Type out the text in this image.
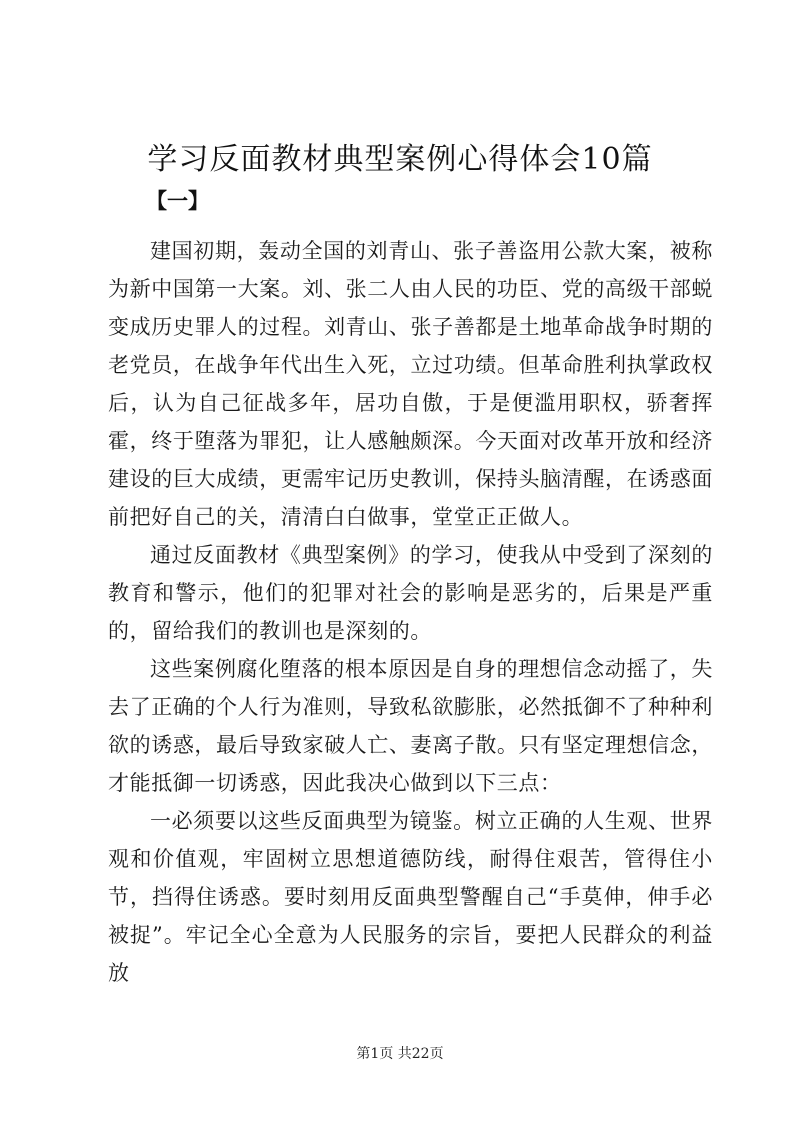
学习反面教材典型案例心得体会10篇
【一】

建国初期，轰动全国的刘青山、张子善盗用公款大案，被称为新中国第一大案。刘、张二人由人民的功臣、党的高级干部蜕变成历史罪人的过程。刘青山、张子善都是土地革命战争时期的老党员，在战争年代出生入死，立过功绩。但革命胜利执掌政权后，认为自己征战多年，居功自傲，于是便滥用职权，骄奢挥霍，终于堕落为罪犯，让人感触颇深。今天面对改革开放和经济建设的巨大成绩，更需牢记历史教训，保持头脑清醒，在诱惑面前把好自己的关，清清白白做事，堂堂正正做人。

通过反面教材《典型案例》的学习，使我从中受到了深刻的教育和警示，他们的犯罪对社会的影响是恶劣的，后果是严重的，留给我们的教训也是深刻的。

这些案例腐化堕落的根本原因是自身的理想信念动摇了，失去了正确的个人行为准则，导致私欲膨胀，必然抵御不了种种利欲的诱惑，最后导致家破人亡、妻离子散。只有坚定理想信念，才能抵御一切诱惑，因此我决心做到以下三点：

一必须要以这些反面典型为镜鉴。树立正确的人生观、世界观和价值观，牢固树立思想道德防线，耐得住艰苦，管得住小节，挡得住诱惑。要时刻用反面典型警醒自己“手莫伸，伸手必被捉”。牢记全心全意为人民服务的宗旨，要把人民群众的利益放

第1页 共22页
